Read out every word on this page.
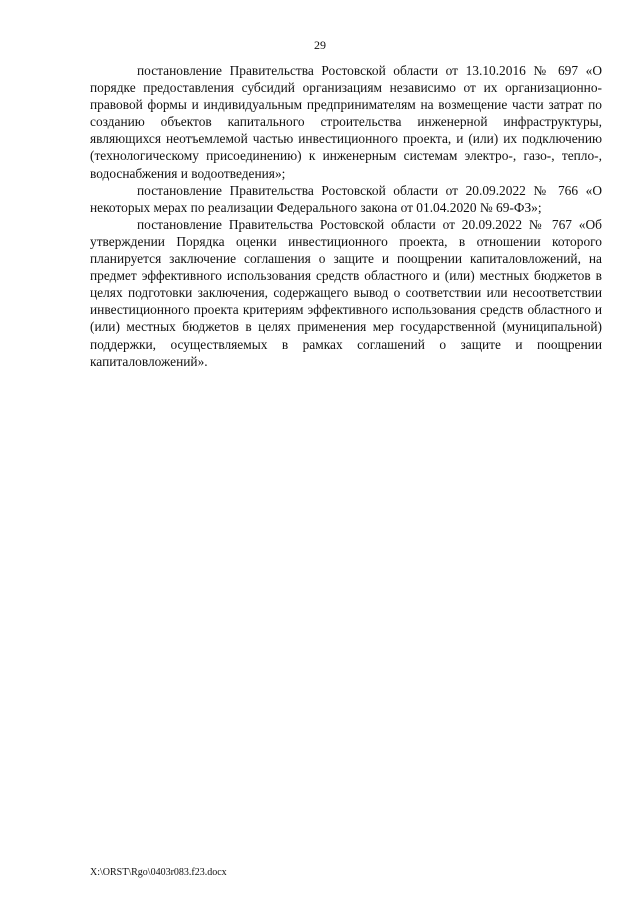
29

постановление Правительства Ростовской области от 13.10.2016 № 697 «О порядке предоставления субсидий организациям независимо от их организационно-правовой формы и индивидуальным предпринимателям на возмещение части затрат по созданию объектов капитального строительства инженерной инфраструктуры, являющихся неотъемлемой частью инвестиционного проекта, и (или) их подключению (технологическому присоединению) к инженерным системам электро-, газо-, тепло-, водоснабжения и водоотведения»;

постановление Правительства Ростовской области от 20.09.2022 № 766 «О некоторых мерах по реализации Федерального закона от 01.04.2020 № 69-ФЗ»;

постановление Правительства Ростовской области от 20.09.2022 № 767 «Об утверждении Порядка оценки инвестиционного проекта, в отношении которого планируется заключение соглашения о защите и поощрении капиталовложений, на предмет эффективного использования средств областного и (или) местных бюджетов в целях подготовки заключения, содержащего вывод о соответствии или несоответствии инвестиционного проекта критериям эффективного использования средств областного и (или) местных бюджетов в целях применения мер государственной (муниципальной) поддержки, осуществляемых в рамках соглашений о защите и поощрении капиталовложений».

X:\ORST\Rgo\0403r083.f23.docx
